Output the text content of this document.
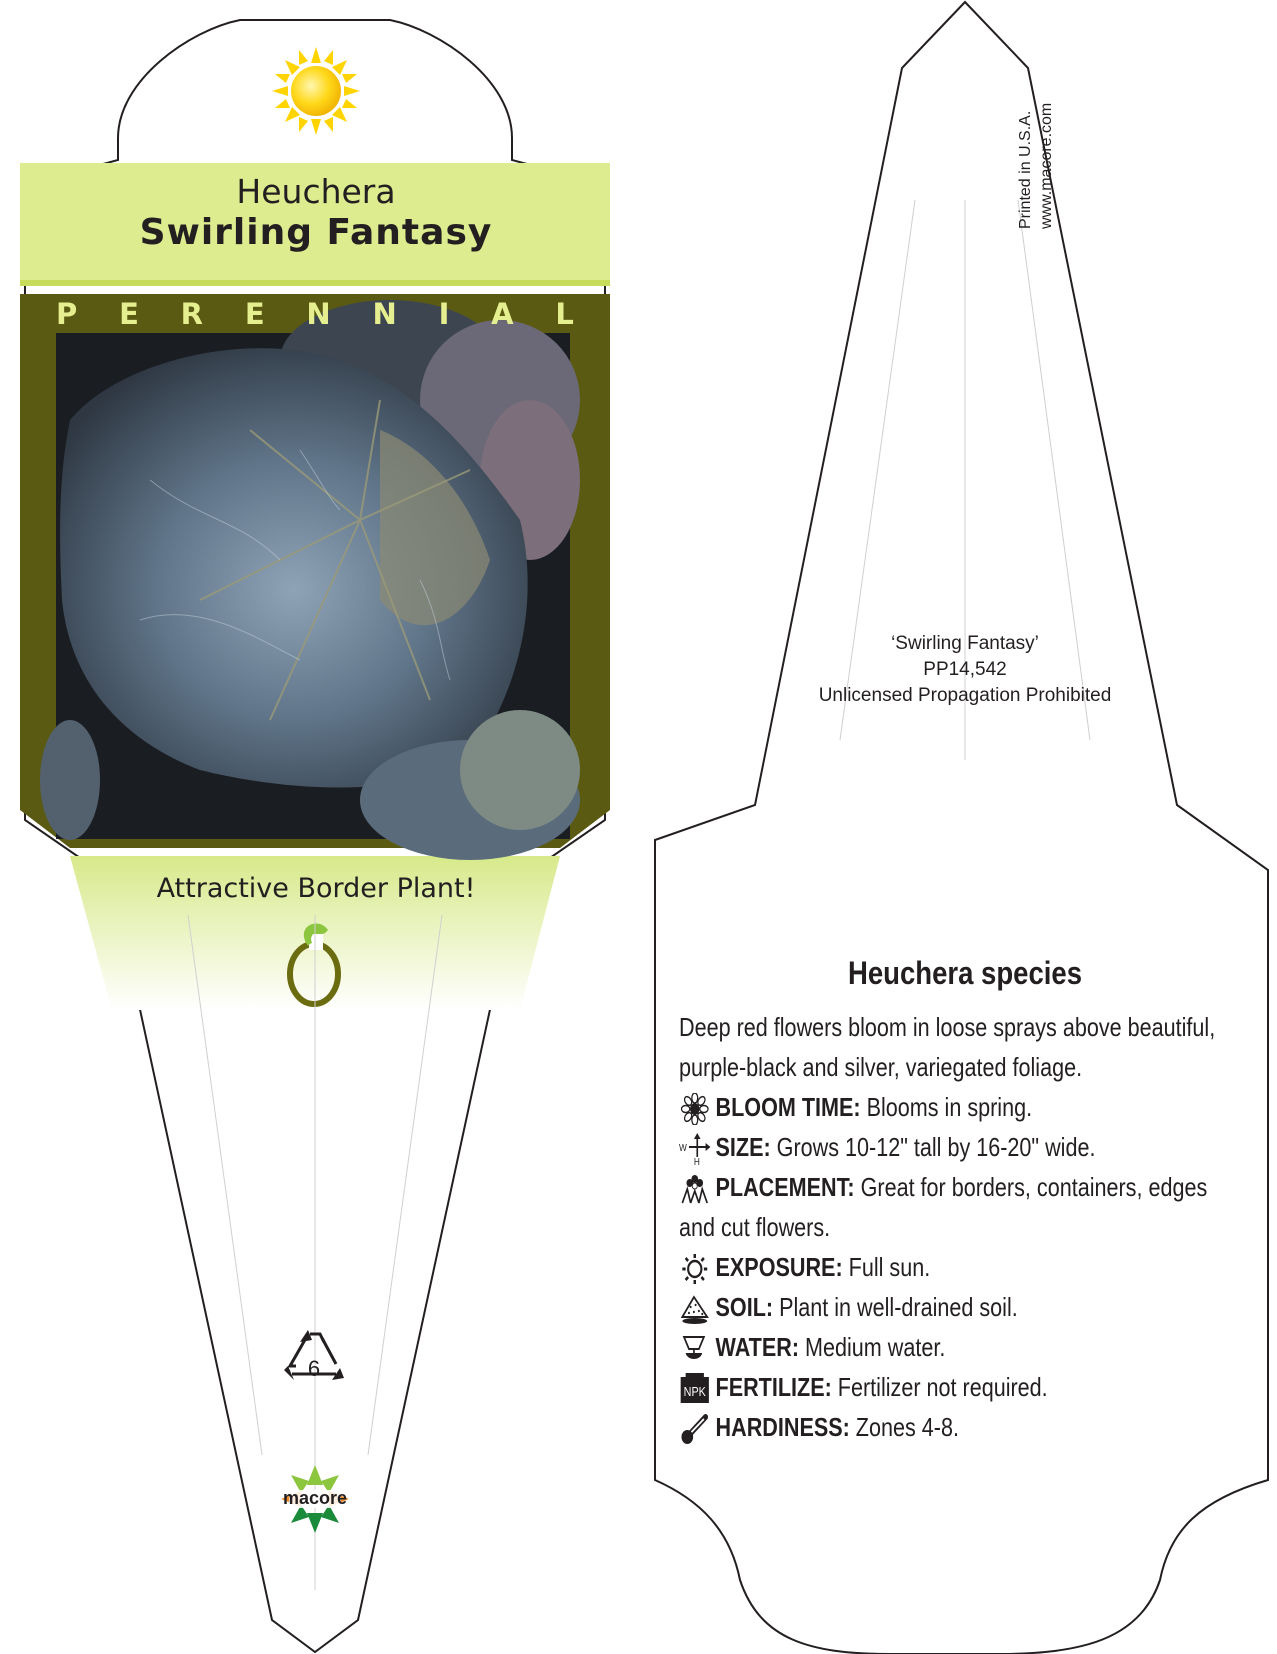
Heuchera
Swirling Fantasy
P E R E N N I A L
Attractive Border Plant!
6
macore
Printed in U.S.A. www.macore.com
‘Swirling Fantasy’
PP14,542
Unlicensed Propagation Prohibited
Heuchera species
Deep red flowers bloom in loose sprays above beautiful,
purple-black and silver, variegated foliage.
BLOOM TIME: Blooms in spring.
W
H SIZE: Grows 10-12" tall by 16-20" wide.
PLACEMENT: Great for borders, containers, edges
and cut flowers.
EXPOSURE: Full sun.
SOIL: Plant in well-drained soil.
WATER: Medium water.
NPK FERTILIZE: Fertilizer not required.
HARDINESS: Zones 4-8.
